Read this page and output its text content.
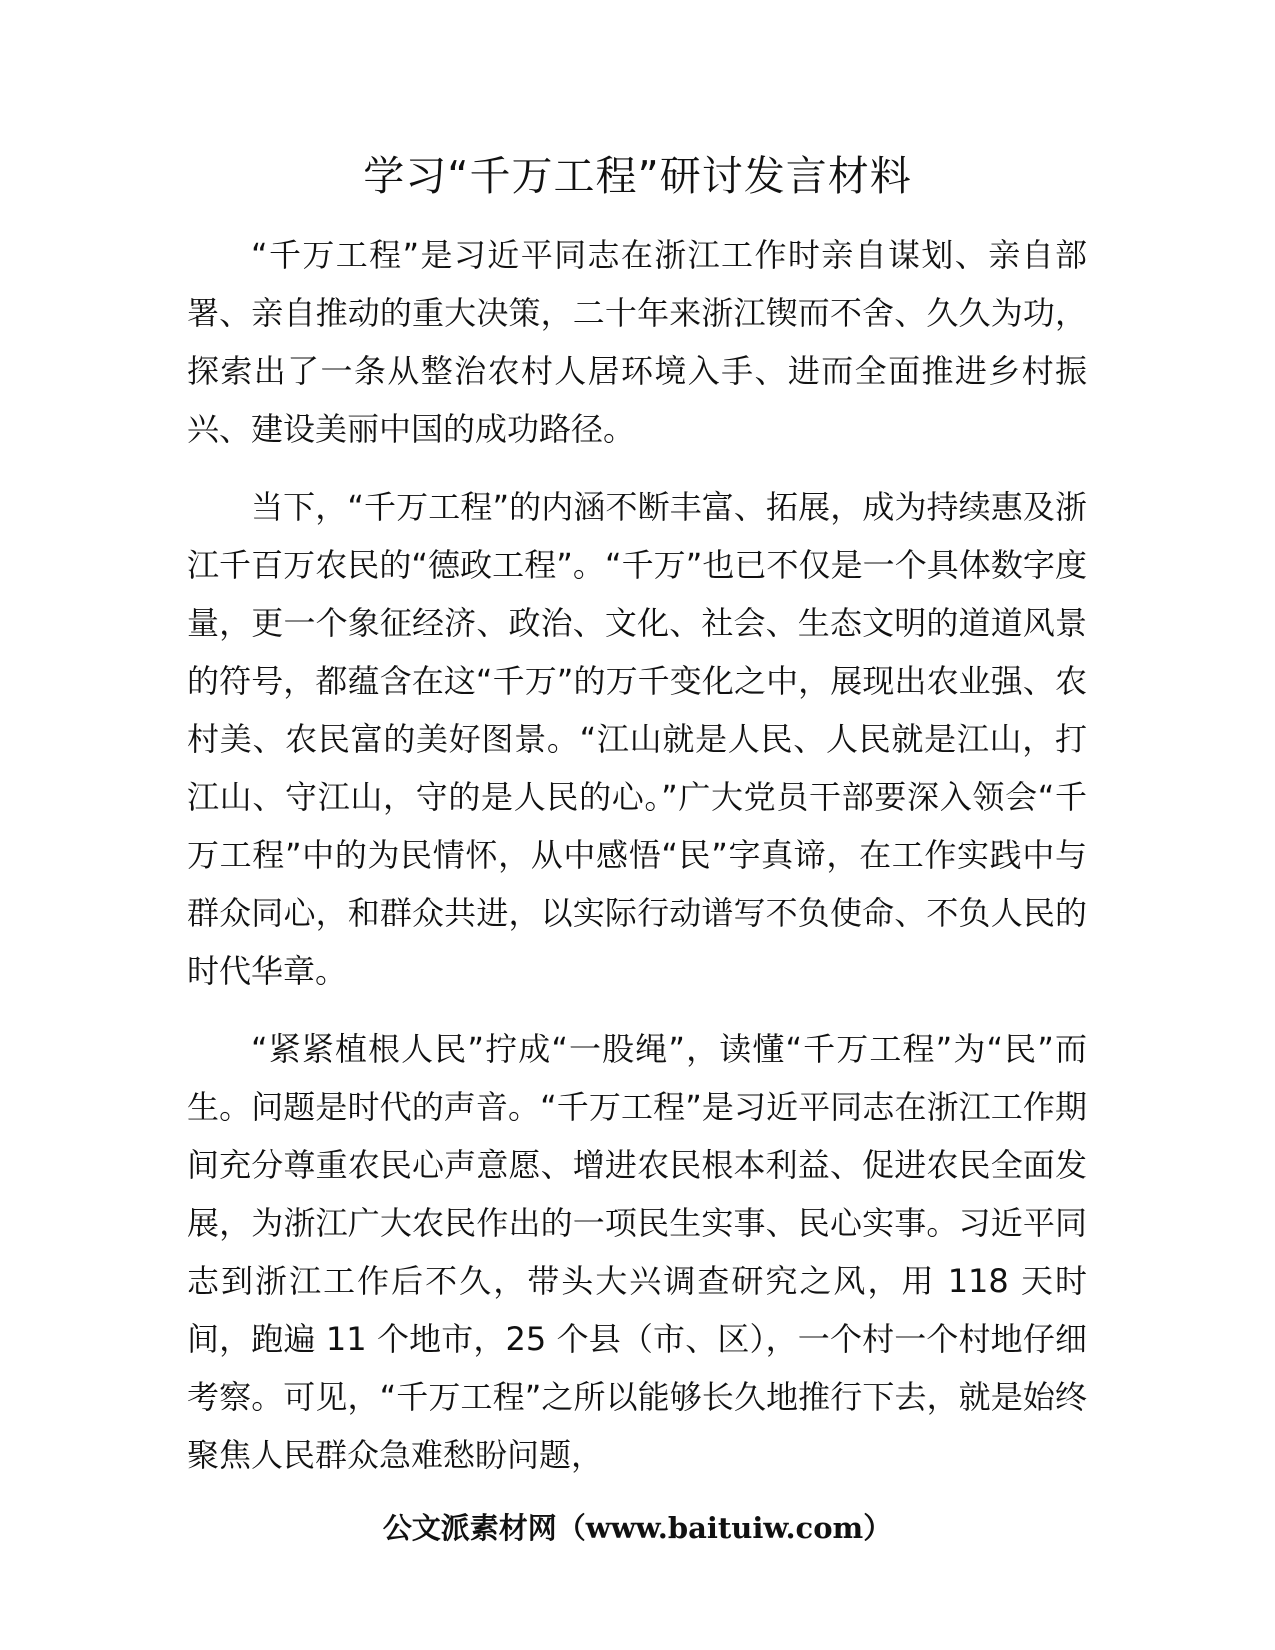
学习“千万工程”研讨发言材料

“千万工程”是习近平同志在浙江工作时亲自谋划、亲自部署、亲自推动的重大决策，二十年来浙江锲而不舍、久久为功，探索出了一条从整治农村人居环境入手、进而全面推进乡村振兴、建设美丽中国的成功路径。

当下，“千万工程”的内涵不断丰富、拓展，成为持续惠及浙江千百万农民的“德政工程”。“千万”也已不仅是一个具体数字度量，更一个象征经济、政治、文化、社会、生态文明的道道风景的符号，都蕴含在这“千万”的万千变化之中，展现出农业强、农村美、农民富的美好图景。“江山就是人民、人民就是江山，打江山、守江山，守的是人民的心。”广大党员干部要深入领会“千万工程”中的为民情怀，从中感悟“民”字真谛，在工作实践中与群众同心，和群众共进，以实际行动谱写不负使命、不负人民的时代华章。

“紧紧植根人民”拧成“一股绳”，读懂“千万工程”为“民”而生。问题是时代的声音。“千万工程”是习近平同志在浙江工作期间充分尊重农民心声意愿、增进农民根本利益、促进农民全面发展，为浙江广大农民作出的一项民生实事、民心实事。习近平同志到浙江工作后不久，带头大兴调查研究之风，用 118 天时间，跑遍 11 个地市，25 个县（市、区），一个村一个村地仔细考察。可见，“千万工程”之所以能够长久地推行下去，就是始终聚焦人民群众急难愁盼问题，

公文派素材网（www.baituiw.com）
